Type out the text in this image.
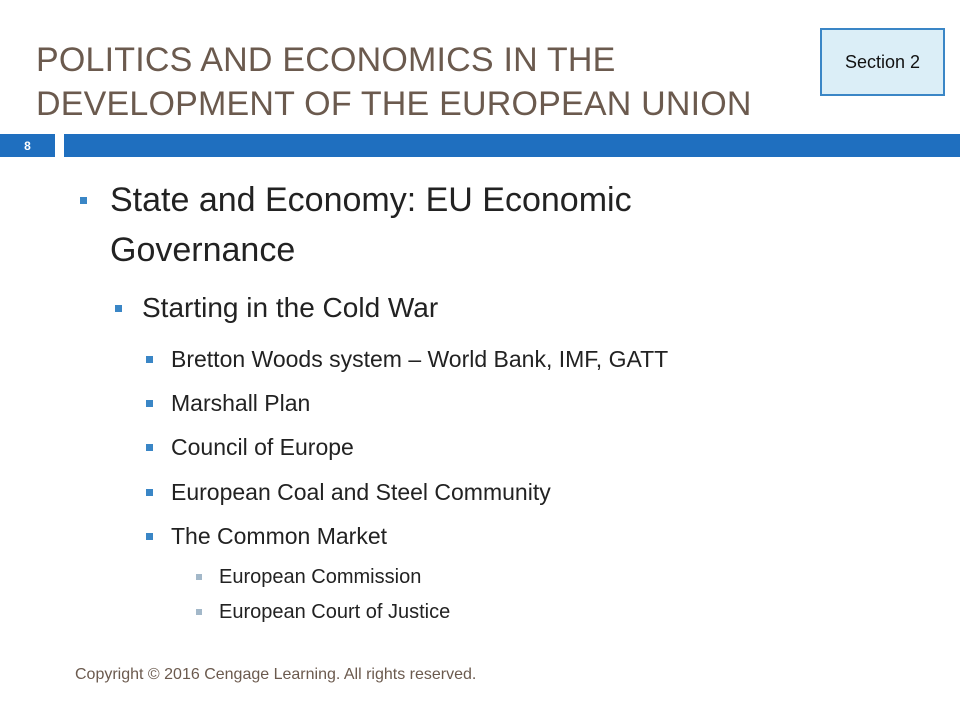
POLITICS AND ECONOMICS IN THE
DEVELOPMENT OF THE EUROPEAN UNION
Section 2
8
State and Economy: EU Economic
Governance
Starting in the Cold War
Bretton Woods system – World Bank, IMF, GATT
Marshall Plan
Council of Europe
European Coal and Steel Community
The Common Market
European Commission
European Court of Justice
Copyright © 2016 Cengage Learning. All rights reserved.
